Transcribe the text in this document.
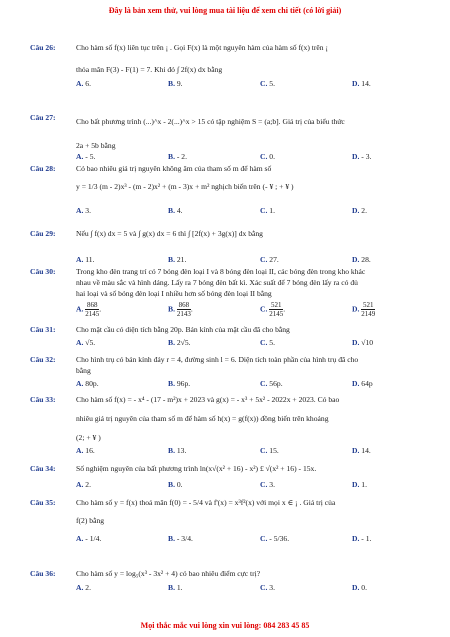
Đây là bản xem thử, vui lòng mua tài liệu để xem chi tiết (có lời giải)
Câu 26:	Cho hàm số f(x) liên tục trên ¡ . Gọi F(x) là một nguyên hàm của hàm số f(x) trên ¡
thỏa mãn F(3) - F(1) = 7. Khi đó ∫ 2f(x) dx bằng
A. 6.	B. 9.	C. 5.	D. 14.
Câu 27:	Cho bất phương trình (...)^x - 2(...)^x > 15 có tập nghiệm S = (a;b]. Giá trị của biểu thức
2a + 5b bằng
A. - 5.	B. - 2.	C. 0.	D. - 3.
Câu 28:	Có bao nhiêu giá trị nguyên không âm của tham số m để hàm số
y = 1/3 (m - 2)x³ - (m - 2)x² + (m - 3)x + m² nghịch biến trên (- ¥ ; + ¥ )
A. 3.	B. 4.	C. 1.	D. 2.
Câu 29:	Nếu ∫ f(x) dx = 5 và ∫ g(x) dx = 6 thì ∫ [2f(x) + 3g(x)] dx bằng
A. 11.	B. 21.	C. 27.	D. 28.
Câu 30:	Trong kho đèn trang trí có 7 bóng đèn loại I và 8 bóng đèn loại II, các bóng đèn trong kho khác
nhau về màu sắc và hình dáng. Lấy ra 7 bóng đèn bất kì. Xác suất để 7 bóng đèn lấy ra có đủ
hai loại và số bóng đèn loại I nhiều hơn số bóng đèn loại II bằng
A. $\frac{868}{2145}$ .	B. $\frac{868}{2143}$ .	C. $\frac{521}{2145}$ .	D. $\frac{521}{2149}$
Câu 31:	Cho mặt cầu có diện tích bằng 20p. Bán kính của mặt cầu đã cho bằng
A. √5.	B. 2√5.	C. 5.	D. √10
Câu 32:	Cho hình trụ có bán kính đáy r = 4, đường sinh l = 6. Diện tích toàn phần của hình trụ đã cho
bằng
A. 80p.	B. 96p.	C. 56p.	D. 64p
Câu 33:	Cho hàm số f(x) = - x⁴ - (17 - m²)x + 2023 và g(x) = - x³ + 5x² - 2022x + 2023. Có bao
nhiêu giá trị nguyên của tham số m để hàm số h(x) = g(f(x)) đồng biến trên khoảng
(2; + ¥ )
A. 16.	B. 13.	C. 15.	D. 14.
Câu 34:	Số nghiệm nguyên của bất phương trình ln(x√(x² + 16) - x²) £ √(x² + 16) - 15x.
A. 2.	B. 0.	C. 3.	D. 1.
Câu 35:	Cho hàm số y = f(x) thoả mãn f(0) = - 5/4 và f'(x) = x³f²(x) với mọi x ∈ ¡ . Giá trị của
f(2) bằng
A. - 1/4.	B. - 3/4.	C. - 5/36.	D. - 1.
Câu 36:	Cho hàm số y = log₅(x³ - 3x² + 4) có bao nhiêu điểm cực trị?
A. 2.	B. 1.	C. 3.	D. 0.
Mọi thắc mắc vui lòng xin vui lòng: 084 283 45 85
